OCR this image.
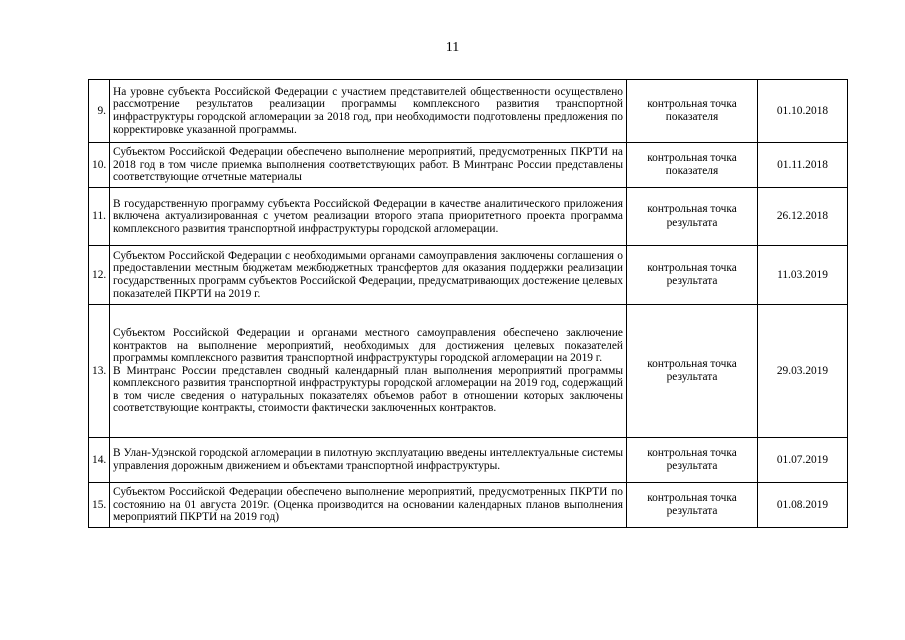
11
9.	На уровне субъекта Российской Федерации с участием представителей общественности осуществлено рассмотрение результатов реализации программы комплексного развития транспортной инфраструктуры городской агломерации за 2018 год, при необходимости подготовлены предложения по корректировке указанной программы.	контрольная точка показателя	01.10.2018
10.	Субъектом Российской Федерации обеспечено выполнение мероприятий, предусмотренных ПКРТИ на 2018 год в том числе приемка выполнения соответствующих работ. В Минтранс России представлены соответствующие отчетные материалы	контрольная точка показателя	01.11.2018
11.	В государственную программу субъекта Российской Федерации в качестве аналитического приложения включена актуализированная с учетом реализации второго этапа приоритетного проекта программа комплексного развития транспортной инфраструктуры городской агломерации.	контрольная точка результата	26.12.2018
12.	Субъектом Российской Федерации с необходимыми органами самоуправления заключены соглашения о предоставлении местным бюджетам межбюджетных трансфертов для оказания поддержки реализации государственных программ субъектов Российской Федерации, предусматривающих достежение целевых показателей ПКРТИ на 2019 г.	контрольная точка результата	11.03.2019
13.	Субъектом Российской Федерации и органами местного самоуправления обеспечено заключение контрактов на выполнение мероприятий, необходимых для достижения целевых показателей программы комплексного развития транспортной инфраструктуры городской агломерации на 2019 г.
В Минтранс России представлен сводный календарный план выполнения мероприятий программы комплексного развития транспортной инфраструктуры городской агломерации на 2019 год, содержащий в том числе сведения о натуральных показателях объемов работ в отношении которых заключены соответствующие контракты, стоимости фактически заключенных контрактов.	контрольная точка результата	29.03.2019
14.	В Улан-Удэнской городской агломерации в пилотную эксплуатацию введены интеллектуальные системы управления дорожным движением и объектами транспортной инфраструктуры.	контрольная точка результата	01.07.2019
15.	Субъектом Российской Федерации обеспечено выполнение мероприятий, предусмотренных ПКРТИ по состоянию на 01 августа 2019г. (Оценка производится на основании календарных планов выполнения мероприятий ПКРТИ на 2019 год)	контрольная точка результата	01.08.2019
